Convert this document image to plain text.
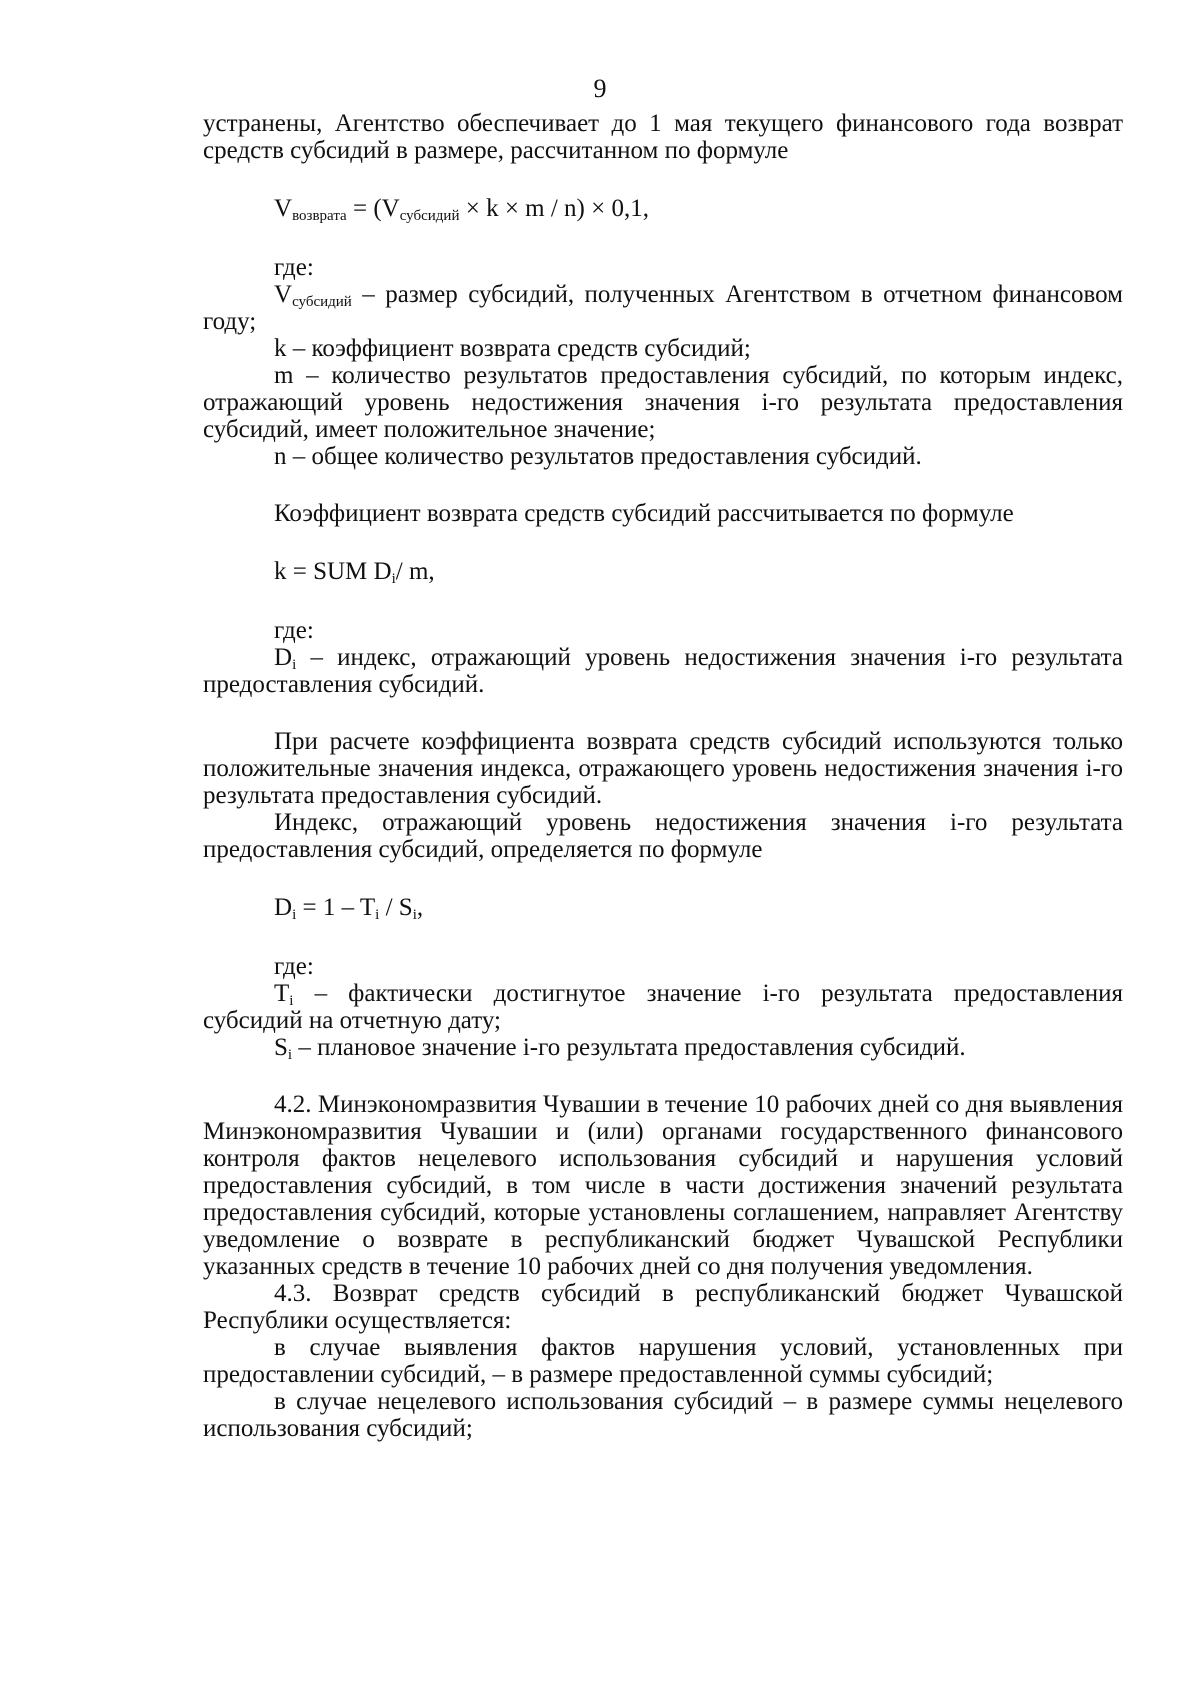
9

устранены, Агентство обеспечивает до 1 мая текущего финансового года возврат средств субсидий в размере, рассчитанном по формуле

$V_{возврата} = (V_{субсидий} \times k \times m / n) \times 0,1$,

где:

$V_{субсидий}$ – размер субсидий, полученных Агентством в отчетном финансовом году;

k – коэффициент возврата средств субсидий;

m – количество результатов предоставления субсидий, по которым индекс, отражающий уровень недостижения значения i-го результата предоставления субсидий, имеет положительное значение;

n – общее количество результатов предоставления субсидий.

Коэффициент возврата средств субсидий рассчитывается по формуле

k = SUM $D_i/$ m,

где:

$D_i$ – индекс, отражающий уровень недостижения значения i-го результата предоставления субсидий.

При расчете коэффициента возврата средств субсидий используются только положительные значения индекса, отражающего уровень недостижения значения i-го результата предоставления субсидий.

Индекс, отражающий уровень недостижения значения i-го результата предоставления субсидий, определяется по формуле

$D_i = 1 - T_i / S_i$,

где:

$T_i$ – фактически достигнутое значение i-го результата предоставления субсидий на отчетную дату;

$S_i$ – плановое значение i-го результата предоставления субсидий.

4.2. Минэкономразвития Чувашии в течение 10 рабочих дней со дня выявления Минэкономразвития Чувашии и (или) органами государственного финансового контроля фактов нецелевого использования субсидий и нарушения условий предоставления субсидий, в том числе в части достижения значений результата предоставления субсидий, которые установлены соглашением, направляет Агентству уведомление о возврате в республиканский бюджет Чувашской Республики указанных средств в течение 10 рабочих дней со дня получения уведомления.

4.3. Возврат средств субсидий в республиканский бюджет Чувашской Республики осуществляется:

в случае выявления фактов нарушения условий, установленных при предоставлении субсидий, – в размере предоставленной суммы субсидий;

в случае нецелевого использования субсидий – в размере суммы нецелевого использования субсидий;
